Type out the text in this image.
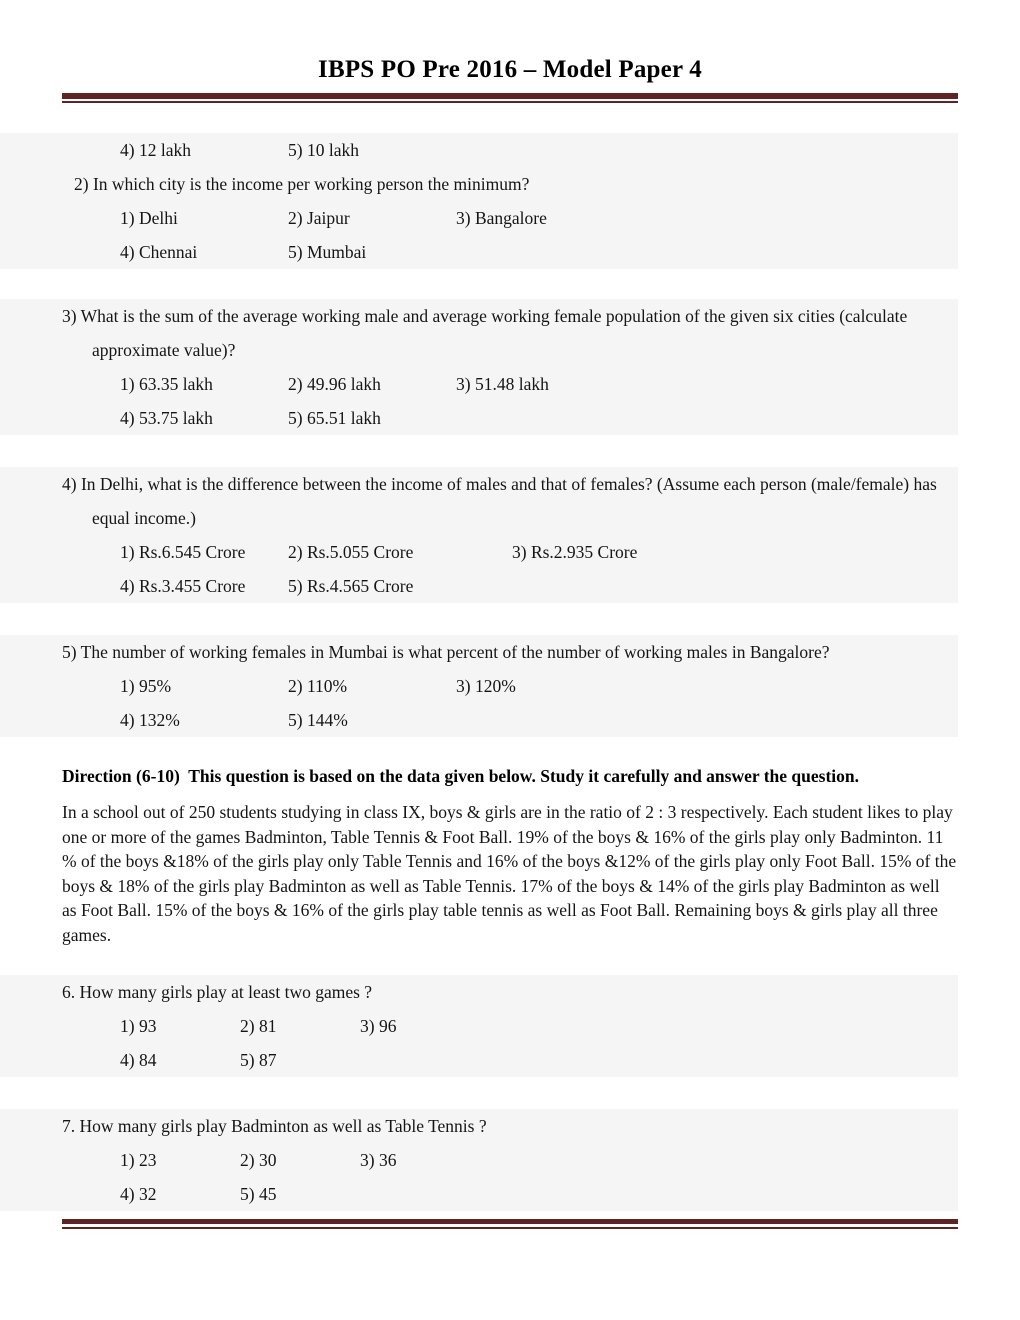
IBPS PO Pre 2016 – Model Paper 4
4) 12 lakh	5) 10 lakh
2) In which city is the income per working person the minimum?
1) Delhi	2) Jaipur	3) Bangalore
4) Chennai	5) Mumbai
3) What is the sum of the average working male and average working female population of the given six cities (calculate approximate value)?
1) 63.35 lakh	2) 49.96 lakh	3) 51.48 lakh
4) 53.75 lakh	5) 65.51 lakh
4) In Delhi, what is the difference between the income of males and that of females? (Assume each person (male/female) has equal income.)
1) Rs.6.545 Crore	2) Rs.5.055 Crore	3) Rs.2.935 Crore
4) Rs.3.455 Crore	5) Rs.4.565 Crore
5) The number of working females in Mumbai is what percent of the number of working males in Bangalore?
1) 95%	2) 110%	3) 120%
4) 132%	5) 144%
Direction (6-10)  This question is based on the data given below. Study it carefully and answer the question.
In a school out of 250 students studying in class IX, boys & girls are in the ratio of 2 : 3 respectively. Each student likes to play one or more of the games Badminton, Table Tennis & Foot Ball. 19% of the boys & 16% of the girls play only Badminton. 11 % of the boys &18% of the girls play only Table Tennis and 16% of the boys &12% of the girls play only Foot Ball. 15% of the boys & 18% of the girls play Badminton as well as Table Tennis. 17% of the boys & 14% of the girls play Badminton as well as Foot Ball. 15% of the boys & 16% of the girls play table tennis as well as Foot Ball. Remaining boys & girls play all three games.
6. How many girls play at least two games ?
1) 93	2) 81	3) 96
4) 84	5) 87
7. How many girls play Badminton as well as Table Tennis ?
1) 23	2) 30	3) 36
4) 32	5) 45
